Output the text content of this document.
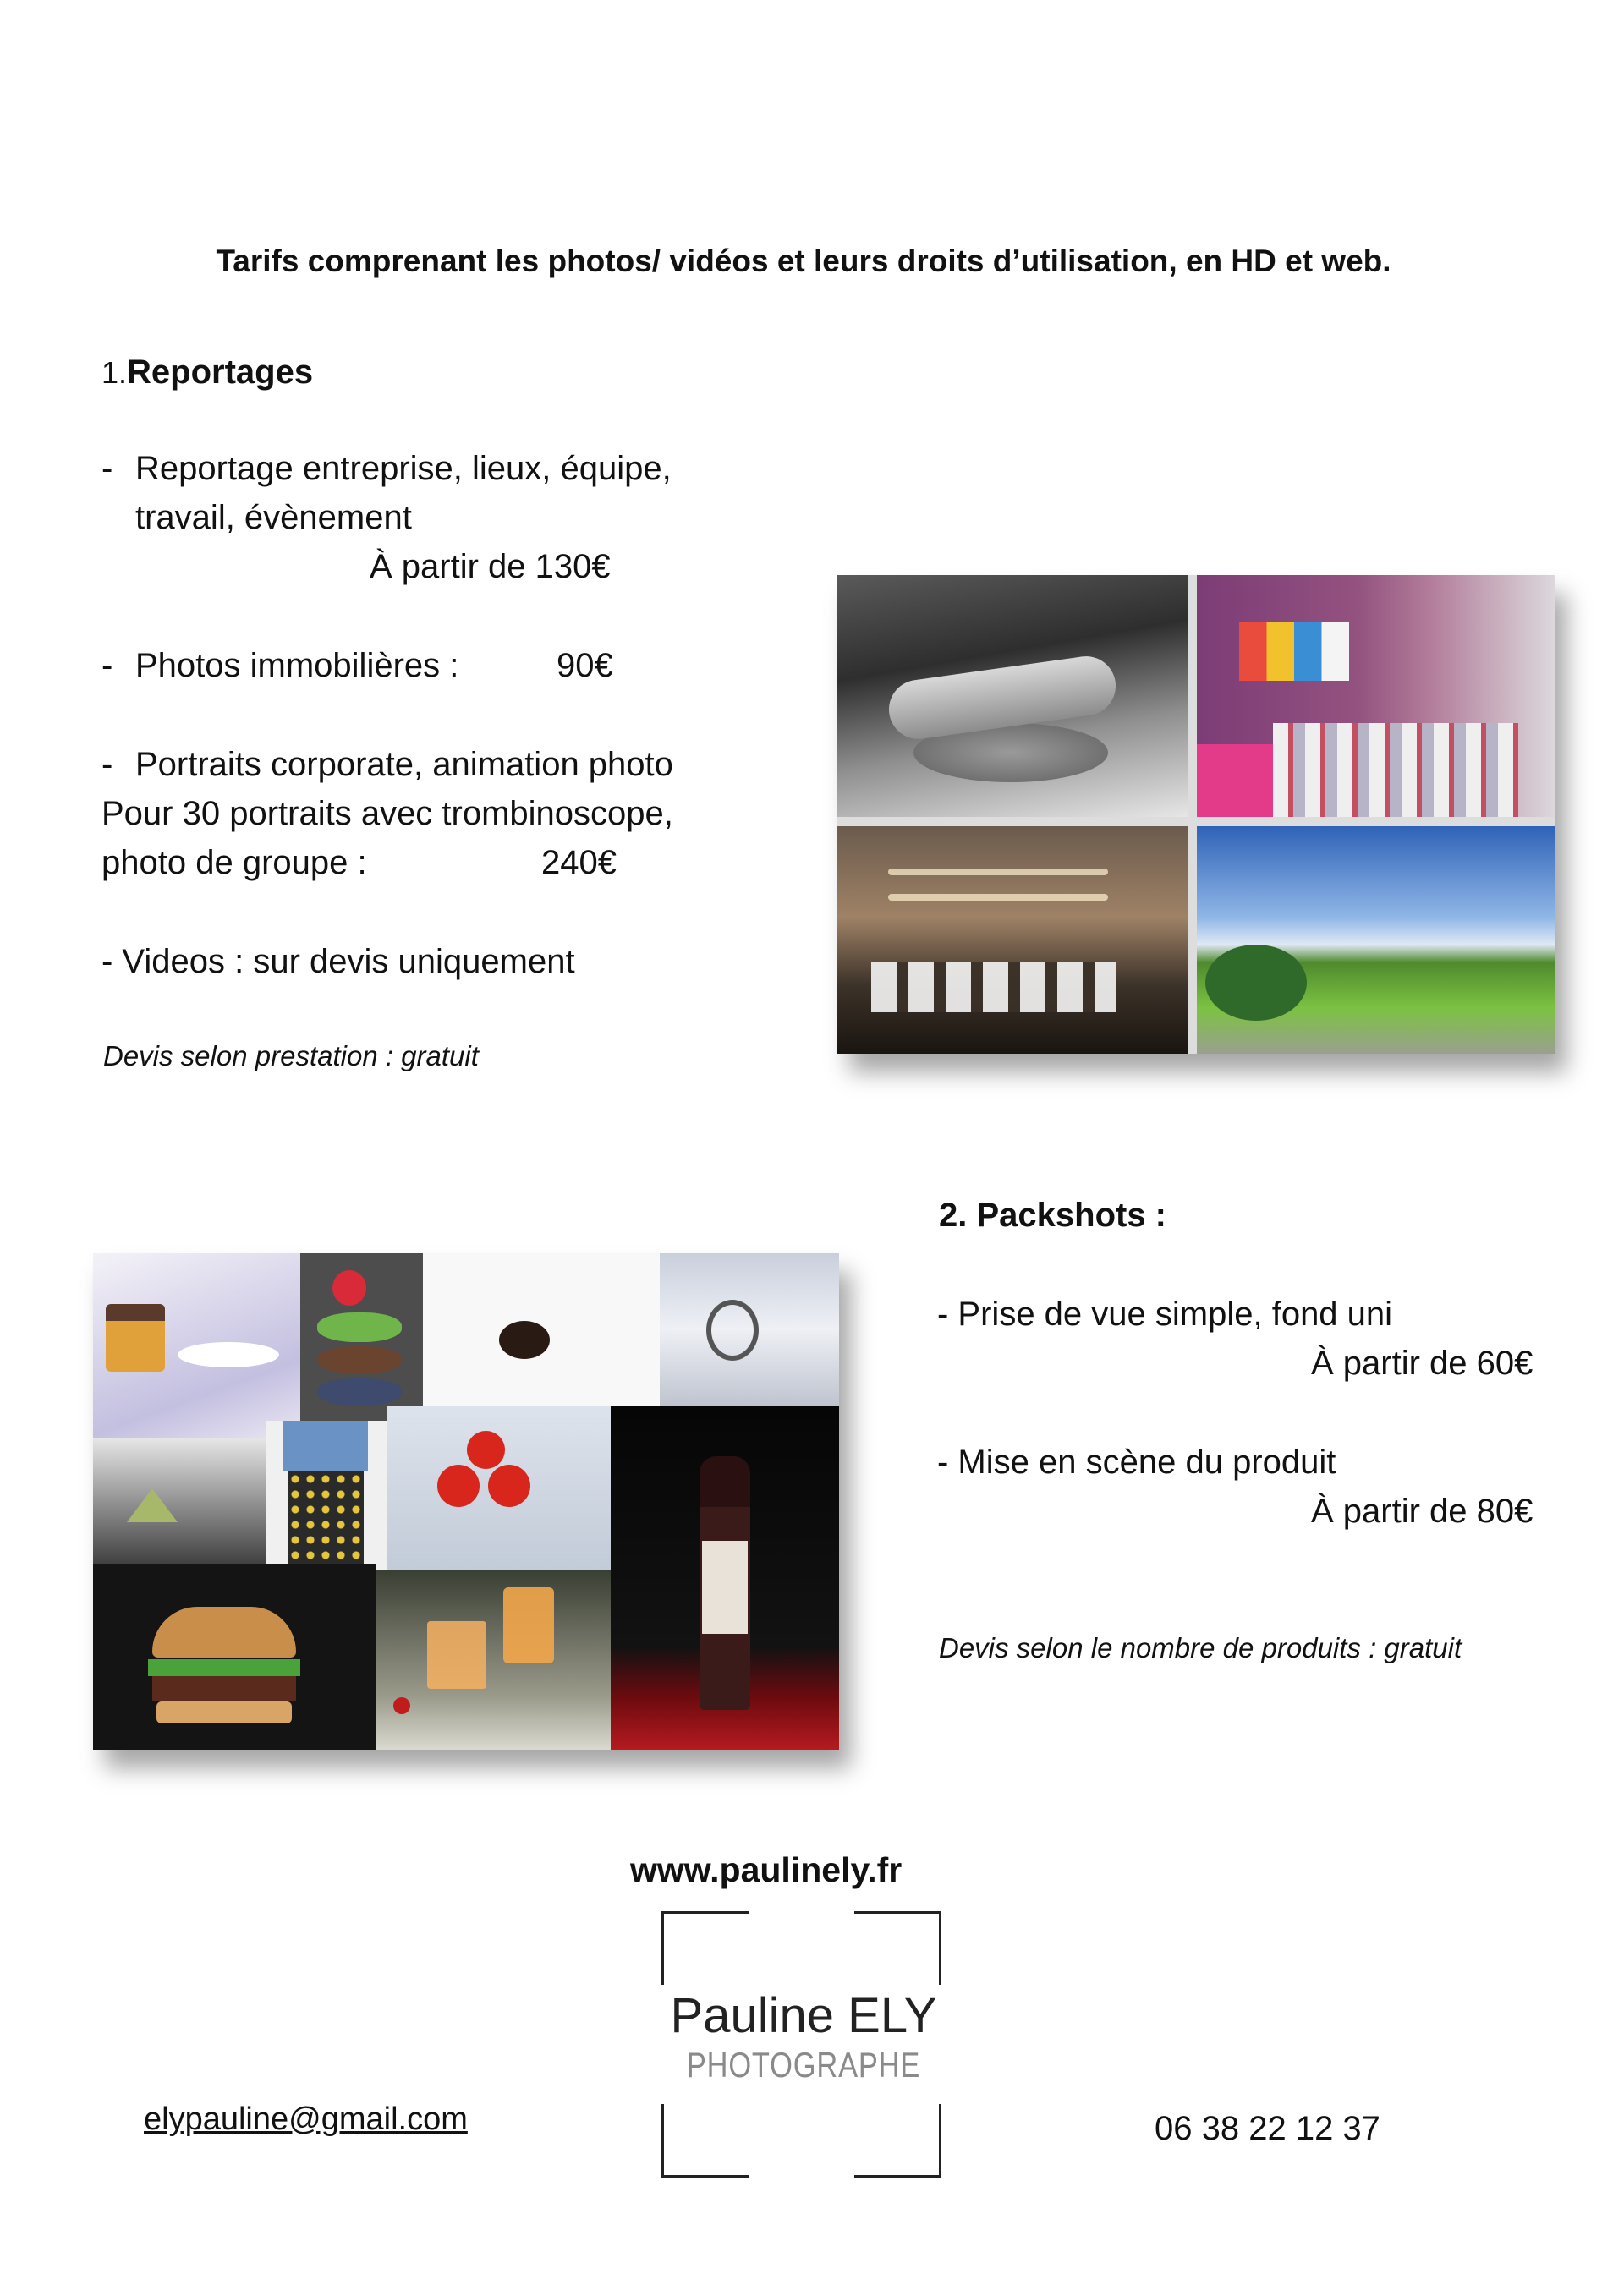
Tarifs comprenant les photos/ vidéos et leurs droits d’utilisation, en HD et web.
1.Reportages
- Reportage entreprise, lieux, équipe,
travail, évènement
À partir de 130€
- Photos immobilières :	90€
- Portraits corporate, animation photo
Pour 30 portraits avec trombinoscope,
photo de groupe :	240€
- Videos : sur devis uniquement
Devis selon prestation : gratuit
2. Packshots :
- Prise de vue simple, fond uni
À partir de 60€
- Mise en scène du produit
À partir de 80€
Devis selon le nombre de produits : gratuit
www.paulinely.fr
Pauline ELY
PHOTOGRAPHE
elypauline@gmail.com	06 38 22 12 37
